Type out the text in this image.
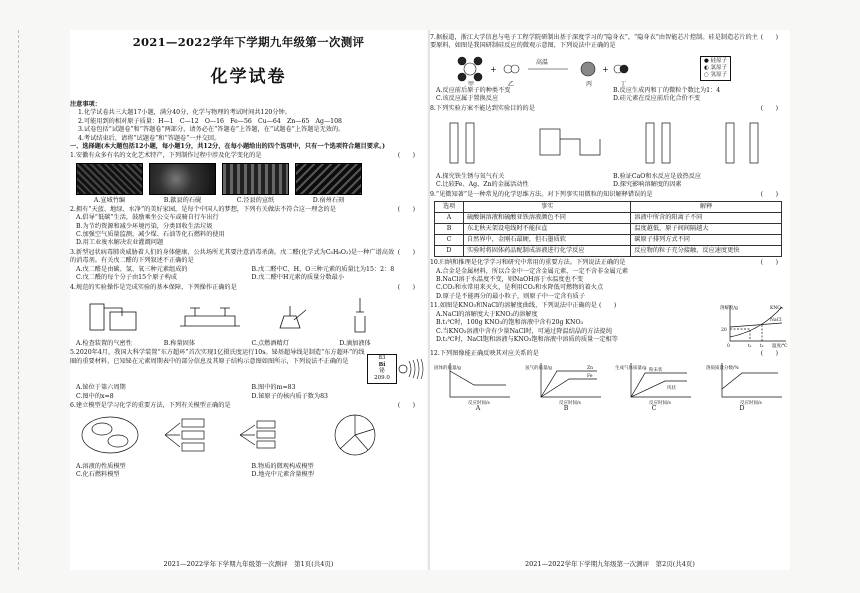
2021—2022学年下学期九年级第一次测评
化学试卷
注意事项：
1.化学试卷共三大题17小题，满分40分，化学与物理的考试时间共120分钟。
2.可能用到的相对原子质量：H—1　C—12　O—16　Fe—56　Cu—64　Zn—65　Ag—108
3.试卷包括“试题卷”和“答题卷”两部分，请务必在“答题卷”上答题，在“试题卷”上答题是无效的。
4.考试结束后，请将“试题卷”和“答题卷”一并交回。
一、选择题(本大题包括12小题，每小题1分，共12分，在每小题给出的四个选项中，只有一个选项符合题目要求。)
(　　)
1.安徽有众多有名的文化艺术特产，下列制作过程中涉及化学变化的是
A.宣城竹编	B.歙县的石砚	C.泾县的宣纸	D.宿州石刻
(　　)
2.拥有“天蓝、地绿、水净”的美好家园，是每个中国人的梦想，下列有关做法不符合这一理念的是
A.倡导“低碳”生活，鼓励乘坐公交车或骑自行车出行
B.为节约资源和减少环境污染，分类回收生活垃圾
C.加强空气质量监测，减少煤、石油等化石燃料的使用
D.用工业废水解决农业灌溉问题
(　　)
3.新型冠状病毒肺炎威胁着人们的身体健康，公共场所尤其要注意消毒杀菌。戊二醛(化学式为C₅H₈O₂)是一种广谱高效的消毒剂。有关戊二醛的下列叙述不正确的是
A.戊二醛是由碳、氢、氧三种元素组成的	B.戊二醛中C、H、O三种元素的质量比为15：2：8
C.戊二醛的每个分子由15个原子构成	D.戊二醛中H元素的质量分数最小
(　　)
4.规范的实验操作是完成实验的基本保障，下列操作正确的是
A.检查装置的气密性	B.称量固体	C.点燃酒精灯	D.滴加液体
5.2020年4月，我国大科学装置“东方超环”首次实现1亿摄氏度运行10s。铋基超导线是制造“东方超环”的线圈的重要材料，已知铋在元素周期表中的部分信息及其原子结构示意图如图所示，下列说法不正确的是	83
Bi
铋
209.0
A.铋位于第六周期	B.图中的m=83
C.图中的x=8	D.铋原子的核内质子数为83
(　　)
6.建立模型是学习化学的重要方法，下列有关模型正确的是
A.溶液的性质模型	B.物质的微观构成模型
C.化石燃料模型	D.地壳中元素含量模型
2021—2022学年下学期九年级第一次测评　第1页(共4页)
(　　)
7.据报道，浙江大学信息与电子工程学院研制出基于深度学习的“隐身衣”，“隐身衣”由智能芯片控制。硅是制造芯片的主要原料，如图是我国研制硅反应的微观示意图，下列说法中正确的是
+	+
高温
甲	乙	丙	丁
● 硅原子
◐ 氯原子
○ 氢原子
A.反应前后原子的种类不变	B.反应生成丙和丁的微粒个数比为1：4
C.该反应属于置换反应	D.硅元素在反应前后化合价不变
(　　)
8.下列实验方案不能达到实验目的的是
A.探究铁生锈与氧气有关	B.验证CaO和水反应是放热反应
C.比较Fe、Ag、Zn的金属活动性	D.探究影响溶解度的因素
(　　)
9.“见微知著”是一种常见的化学思维方法。对下列事实用微粒的知识解释错误的是
选项	事实	解释
A	硫酸铜溶液和硫酸亚铁溶液颜色不同	溶液中所含的阳离子不同
B	东北秋天架设电线时不能拉直	温度越低，原子间间隔越大
C	自然界中，金刚石最硬，但石墨质软	碳原子排列方式不同
D	实验时将固体药品配制成溶液进行化学反应	反应物的粒子充分接触，反应速度更快
(　　)
10.归纳和推理是化学学习和研究中常用的重要方法。下列说法正确的是
A.合金是金属材料，所以合金中一定含金属元素，一定不含非金属元素
B.NaCl溶于水温度不变，则NaOH溶于水温度也不变
C.CO₂和水常用来灭火，是利用CO₂和水降低可燃物的着火点
D.原子是不能再分的最小粒子，则原子中一定含有质子
11.如图是KNO₃和NaCl的溶解度曲线，下列说法中正确的是 (　　)
A.NaCl的溶解度大于KNO₃的溶解度
B.t₁℃时，100g KNO₃的饱和溶液中含有20g KNO₃
C.当KNO₃溶液中含有少量NaCl时，可通过降温结晶的方法提纯
D.t₂℃时，NaCl饱和溶液与KNO₃饱和溶液中溶质的质量一定相等
溶解度/g	KNO₃
NaCl
20
0	t₁ t₂ 温度/℃
(　　)
12.下列图像能正确反映其对应关系的是
固体的质量/g
反应时间/s
氢气的质量/g	Zn
Fe
反应时间/s
生成气体质量/g 粉末状
块状
反应时间/s
溶质质量分数/%
反应时间/s
A	B	C	D
2021—2022学年下学期九年级第一次测评　第2页(共4页)
